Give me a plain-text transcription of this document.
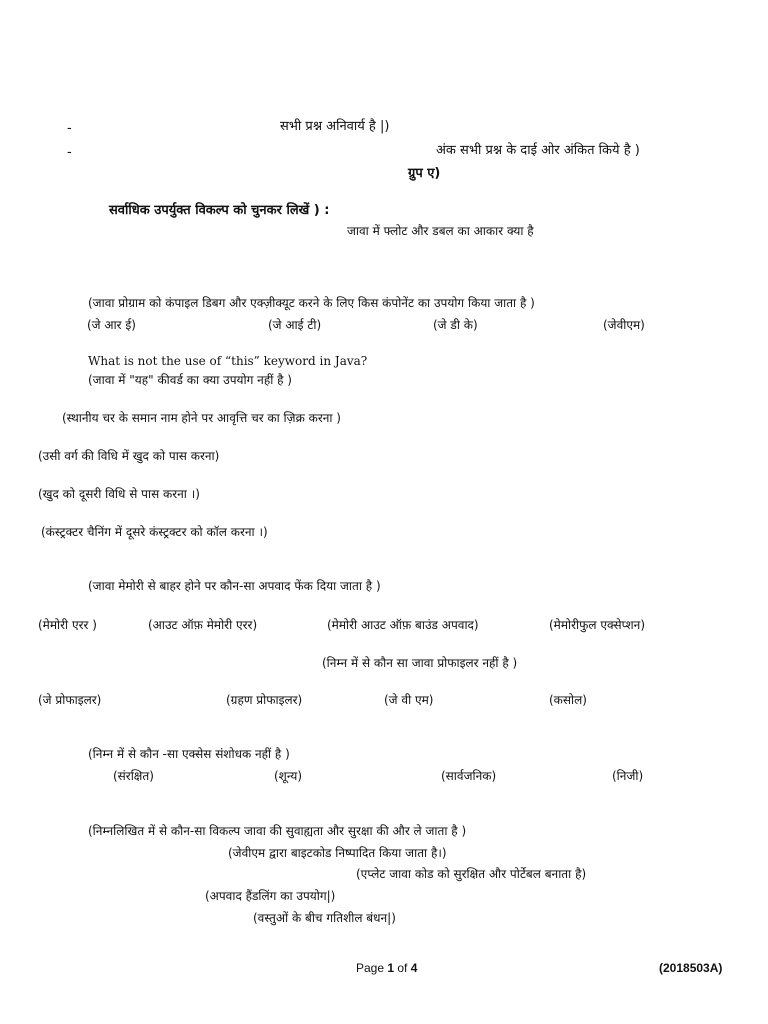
-	सभी प्रश्न अनिवार्य है |)
-	अंक सभी प्रश्न के दाई ओर अंकित किये है )
ग्रुप ए)
सर्वाधिक उपर्युक्त विकल्प को चुनकर लिखें ) :
जावा में फ्लोट और डबल का आकार क्या है
(जावा प्रोग्राम को कंपाइल डिबग और एक्ज़ीक्यूट करने के लिए किस कंपोनेंट का उपयोग किया जाता है )
(जे आर ई)	(जे आई टी)	(जे डी के)	(जेवीएम)
What is not the use of “this” keyword in Java?
(जावा में "यह" कीवर्ड का क्या उपयोग नहीं है )
(स्थानीय चर के समान नाम होने पर आवृत्ति चर का ज़िक्र करना )
(उसी वर्ग की विधि में खुद को पास करना)
(खुद को दूसरी विधि से पास करना ।)
(कंस्ट्रक्टर चैनिंग में दूसरे कंस्ट्रक्टर को कॉल करना ।)
(जावा मेमोरी से बाहर होने पर कौन-सा अपवाद फेंक दिया जाता है )
(मेमोरी एरर )	(आउट ऑफ़ मेमोरी एरर)	(मेमोरी आउट ऑफ़ बाउंड अपवाद)	(मेमोरीफुल एक्सेप्शन)
(निम्न में से कौन सा जावा प्रोफाइलर नहीं है )
(जे प्रोफाइलर)	(ग्रहण प्रोफाइलर)	(जे वी एम)	(कसोल)
(निम्न में से कौन -सा एक्सेस संशोधक नहीं है )
(संरक्षित)	(शून्य)	(सार्वजनिक)	(निजी)
(निम्नलिखित में से कौन-सा विकल्प जावा की सुवाह्यता और सुरक्षा की और ले जाता है )
(जेवीएम द्वारा बाइटकोड निष्पादित किया जाता है।)
(एप्लेट जावा कोड को सुरक्षित और पोर्टेबल बनाता है)
(अपवाद हैंडलिंग का उपयोग|)
(वस्तुओं के बीच गतिशील बंधन|)
Page 1 of 4	(2018503A)
